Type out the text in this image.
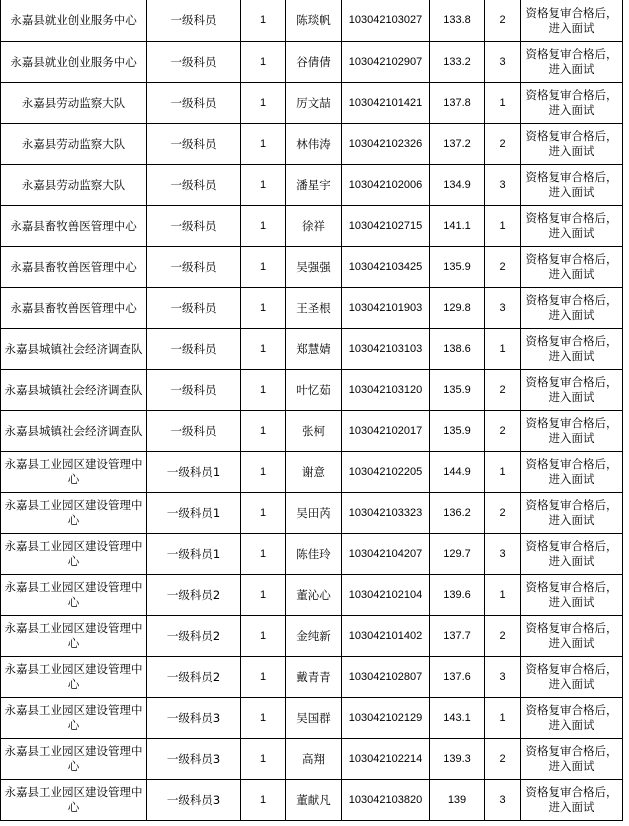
永嘉县就业创业服务中心	一级科员	1	陈琰帆	103042103027	133.8	2	资格复审合格后，进入面试
永嘉县就业创业服务中心	一级科员	1	谷倩倩	103042102907	133.2	3	资格复审合格后，进入面试
永嘉县劳动监察大队	一级科员	1	厉文喆	103042101421	137.8	1	资格复审合格后，进入面试
永嘉县劳动监察大队	一级科员	1	林伟涛	103042102326	137.2	2	资格复审合格后，进入面试
永嘉县劳动监察大队	一级科员	1	潘星宇	103042102006	134.9	3	资格复审合格后，进入面试
永嘉县畜牧兽医管理中心	一级科员	1	徐祥	103042102715	141.1	1	资格复审合格后，进入面试
永嘉县畜牧兽医管理中心	一级科员	1	吴强强	103042103425	135.9	2	资格复审合格后，进入面试
永嘉县畜牧兽医管理中心	一级科员	1	王圣根	103042101903	129.8	3	资格复审合格后，进入面试
永嘉县城镇社会经济调查队	一级科员	1	郑慧婧	103042103103	138.6	1	资格复审合格后，进入面试
永嘉县城镇社会经济调查队	一级科员	1	叶忆茹	103042103120	135.9	2	资格复审合格后，进入面试
永嘉县城镇社会经济调查队	一级科员	1	张柯	103042102017	135.9	2	资格复审合格后，进入面试
永嘉县工业园区建设管理中心	一级科员1	1	谢意	103042102205	144.9	1	资格复审合格后，进入面试
永嘉县工业园区建设管理中心	一级科员1	1	吴田芮	103042103323	136.2	2	资格复审合格后，进入面试
永嘉县工业园区建设管理中心	一级科员1	1	陈佳玲	103042104207	129.7	3	资格复审合格后，进入面试
永嘉县工业园区建设管理中心	一级科员2	1	董沁心	103042102104	139.6	1	资格复审合格后，进入面试
永嘉县工业园区建设管理中心	一级科员2	1	金纯新	103042101402	137.7	2	资格复审合格后，进入面试
永嘉县工业园区建设管理中心	一级科员2	1	戴青青	103042102807	137.6	3	资格复审合格后，进入面试
永嘉县工业园区建设管理中心	一级科员3	1	吴国群	103042102129	143.1	1	资格复审合格后，进入面试
永嘉县工业园区建设管理中心	一级科员3	1	高翔	103042102214	139.3	2	资格复审合格后，进入面试
永嘉县工业园区建设管理中心	一级科员3	1	董献凡	103042103820	139	3	资格复审合格后，进入面试
